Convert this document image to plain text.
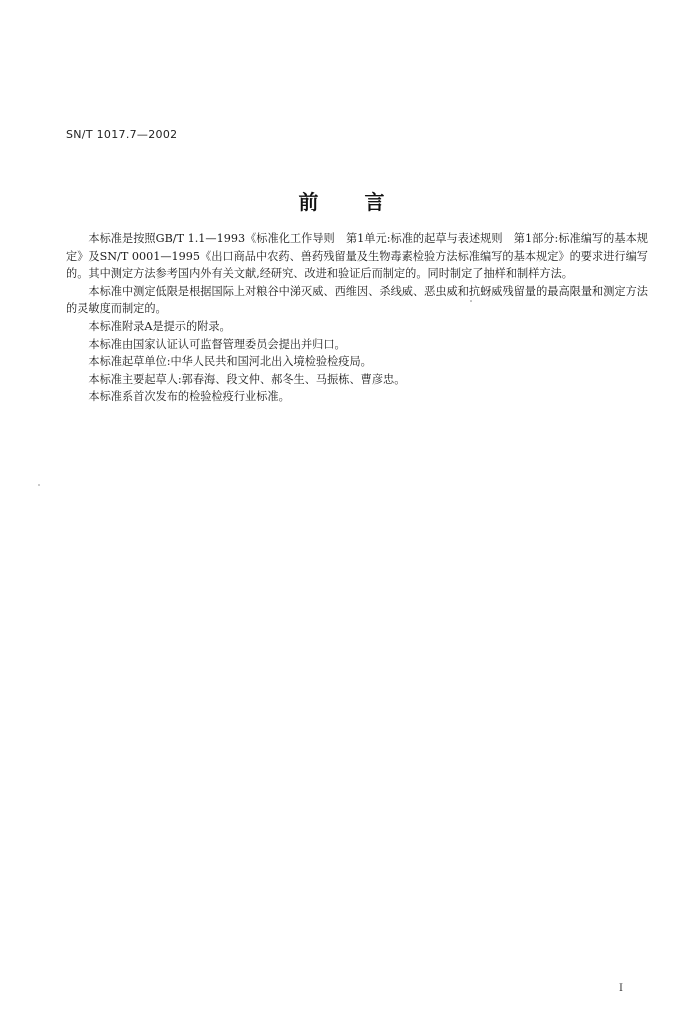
SN/T 1017.7—2002
前言

本标准是按照GB/T 1.1—1993《标准化工作导则　第1单元:标准的起草与表述规则　第1部分:标准编写的基本规定》及SN/T 0001—1995《出口商品中农药、兽药残留量及生物毒素检验方法标准编写的基本规定》的要求进行编写的。其中测定方法参考国内外有关文献,经研究、改进和验证后而制定的。同时制定了抽样和制样方法。

本标准中测定低限是根据国际上对粮谷中涕灭威、西维因、杀线威、恶虫威和抗蚜威残留量的最高限量和测定方法的灵敏度而制定的。

本标准附录A是提示的附录。

本标准由国家认证认可监督管理委员会提出并归口。

本标准起草单位:中华人民共和国河北出入境检验检疫局。

本标准主要起草人:郭春海、段文仲、郝冬生、马振栋、曹彦忠。

本标准系首次发布的检验检疫行业标准。

I
